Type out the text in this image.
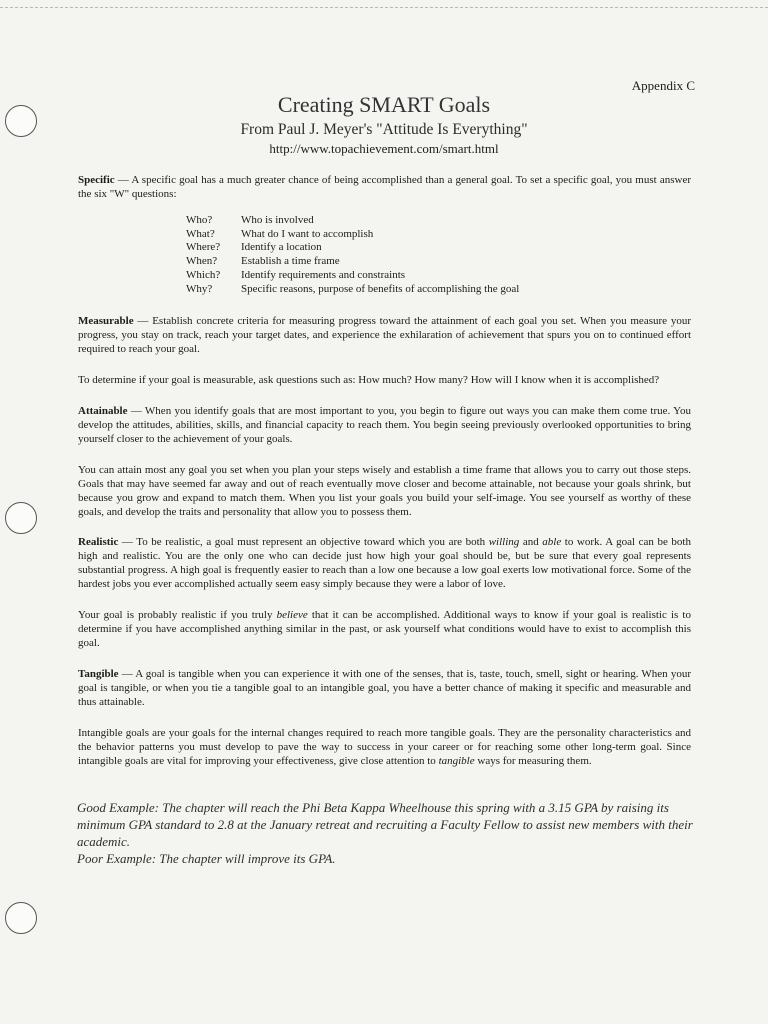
Appendix C
Creating SMART Goals
From Paul J. Meyer's "Attitude Is Everything"
http://www.topachievement.com/smart.html
Specific — A specific goal has a much greater chance of being accomplished than a general goal. To set a specific goal, you must answer the six "W" questions:
Who?	Who is involved
What?	What do I want to accomplish
Where?	Identify a location
When?	Establish a time frame
Which?	Identify requirements and constraints
Why?	Specific reasons, purpose of benefits of accomplishing the goal
Measurable — Establish concrete criteria for measuring progress toward the attainment of each goal you set. When you measure your progress, you stay on track, reach your target dates, and experience the exhilaration of achievement that spurs you on to continued effort required to reach your goal.
To determine if your goal is measurable, ask questions such as: How much? How many? How will I know when it is accomplished?
Attainable — When you identify goals that are most important to you, you begin to figure out ways you can make them come true. You develop the attitudes, abilities, skills, and financial capacity to reach them. You begin seeing previously overlooked opportunities to bring yourself closer to the achievement of your goals.
You can attain most any goal you set when you plan your steps wisely and establish a time frame that allows you to carry out those steps. Goals that may have seemed far away and out of reach eventually move closer and become attainable, not because your goals shrink, but because you grow and expand to match them. When you list your goals you build your self-image. You see yourself as worthy of these goals, and develop the traits and personality that allow you to possess them.
Realistic — To be realistic, a goal must represent an objective toward which you are both willing and able to work. A goal can be both high and realistic. You are the only one who can decide just how high your goal should be, but be sure that every goal represents substantial progress. A high goal is frequently easier to reach than a low one because a low goal exerts low motivational force. Some of the hardest jobs you ever accomplished actually seem easy simply because they were a labor of love.
Your goal is probably realistic if you truly believe that it can be accomplished. Additional ways to know if your goal is realistic is to determine if you have accomplished anything similar in the past, or ask yourself what conditions would have to exist to accomplish this goal.
Tangible — A goal is tangible when you can experience it with one of the senses, that is, taste, touch, smell, sight or hearing. When your goal is tangible, or when you tie a tangible goal to an intangible goal, you have a better chance of making it specific and measurable and thus attainable.
Intangible goals are your goals for the internal changes required to reach more tangible goals. They are the personality characteristics and the behavior patterns you must develop to pave the way to success in your career or for reaching some other long-term goal. Since intangible goals are vital for improving your effectiveness, give close attention to tangible ways for measuring them.
Good Example: The chapter will reach the Phi Beta Kappa Wheelhouse this spring with a 3.15 GPA by raising its minimum GPA standard to 2.8 at the January retreat and recruiting a Faculty Fellow to assist new members with their academic.
Poor Example: The chapter will improve its GPA.
